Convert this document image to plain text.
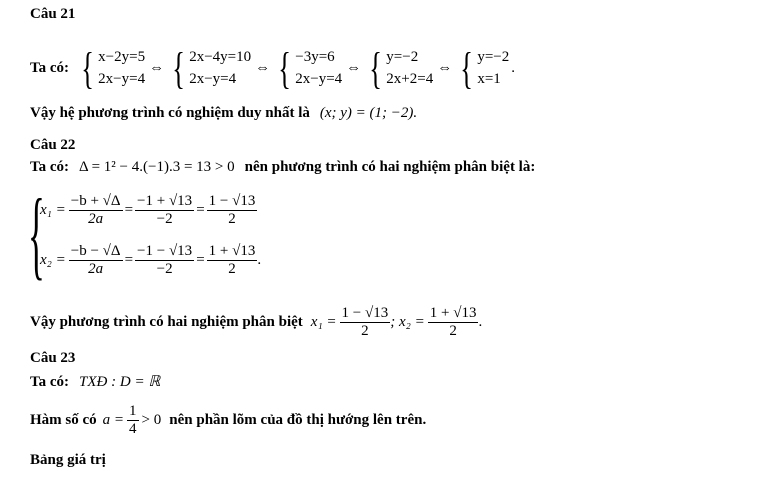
Câu 21
Ta có: { x−2y=5
2x−y=4
⇔ { 2x−4y=10
2x−y=4
⇔ { −3y=6
2x−y=4
⇔ { y=−2
2x+2=4
⇔ { y=−2
x=1
.
Vậy hệ phương trình có nghiệm duy nhất là (x; y) = (1; −2).
Câu 22
Ta có: Δ = 1² − 4.(−1).3 = 13 > 0 nên phương trình có hai nghiệm phân biệt là:
{
$x_1 = \frac{-b + √\Delta}{2a} = \frac{-1 + √13}{-2} = \frac{1 - √13}{2}$
$x_2 = \frac{-b - √\Delta}{2a} = \frac{-1 - √13}{-2} = \frac{1 + √13}{2}$ .
Vậy phương trình có hai nghiệm phân biệt $x_1 = \frac{1 - √13}{2}$ ; $x_2 = \frac{1 + √13}{2}$ .
Câu 23
Ta có: TXĐ : D = ℝ
Hàm số có $a = \frac{1}{4} > 0$ nên phần lõm của đồ thị hướng lên trên.
Bảng giá trị
